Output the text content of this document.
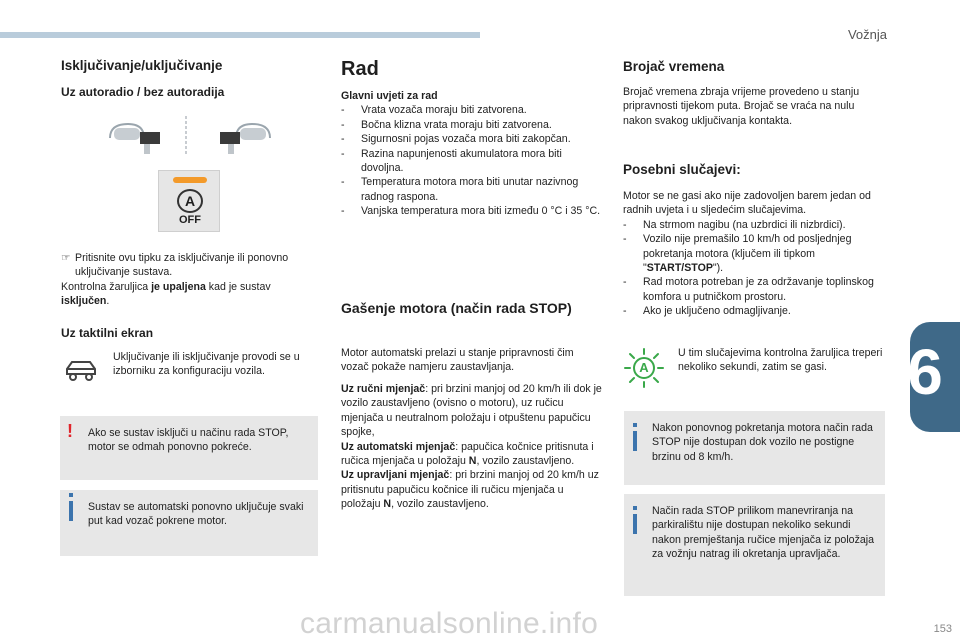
Vožnja
6
153
carmanualsonline.info
Isključivanje/uključivanje
Uz autoradio / bez autoradija
A
OFF
☞ Pritisnite ovu tipku za isključivanje ili ponovno uključivanje sustava.
Kontrolna žaruljica je upaljena kad je sustav isključen.
Uz taktilni ekran
Uključivanje ili isključivanje provodi se u izborniku za konfiguraciju vozila.
! Ako se sustav isključi u načinu rada STOP, motor se odmah ponovno pokreće.
Sustav se automatski ponovno uključuje svaki put kad vozač pokrene motor.
Rad
Glavni uvjeti za rad
- Vrata vozača moraju biti zatvorena.
- Bočna klizna vrata moraju biti zatvorena.
- Sigurnosni pojas vozača mora biti zakopčan.
- Razina napunjenosti akumulatora mora biti dovoljna.
- Temperatura motora mora biti unutar nazivnog radnog raspona.
- Vanjska temperatura mora biti između 0 °C i 35 °C.
Gašenje motora (način rada STOP)
Motor automatski prelazi u stanje pripravnosti čim vozač pokaže namjeru zaustavljanja.
Uz ručni mjenjač: pri brzini manjoj od 20 km/h ili dok je vozilo zaustavljeno (ovisno o motoru), uz ručicu mjenjača u neutralnom položaju i otpuštenu papučicu spojke,
Uz automatski mjenjač: papučica kočnice pritisnuta i ručica mjenjača u položaju N, vozilo zaustavljeno.
Uz upravljani mjenjač: pri brzini manjoj od 20 km/h uz pritisnutu papučicu kočnice ili ručicu mjenjača u položaju N, vozilo zaustavljeno.
Brojač vremena
Brojač vremena zbraja vrijeme provedeno u stanju pripravnosti tijekom puta. Brojač se vraća na nulu nakon svakog uključivanja kontakta.
Posebni slučajevi:
Motor se ne gasi ako nije zadovoljen barem jedan od radnih uvjeta i u sljedećim slučajevima.
- Na strmom nagibu (na uzbrdici ili nizbrdici).
- Vozilo nije premašilo 10 km/h od posljednjeg pokretanja motora (ključem ili tipkom "START/STOP").
- Rad motora potreban je za održavanje toplinskog komfora u putničkom prostoru.
- Ako je uključeno odmagljivanje.
A
U tim slučajevima kontrolna žaruljica treperi nekoliko sekundi, zatim se gasi.
Nakon ponovnog pokretanja motora način rada STOP nije dostupan dok vozilo ne postigne brzinu od 8 km/h.
Način rada STOP prilikom manevriranja na parkiralištu nije dostupan nekoliko sekundi nakon premještanja ručice mjenjača iz položaja za vožnju natrag ili okretanja upravljača.
